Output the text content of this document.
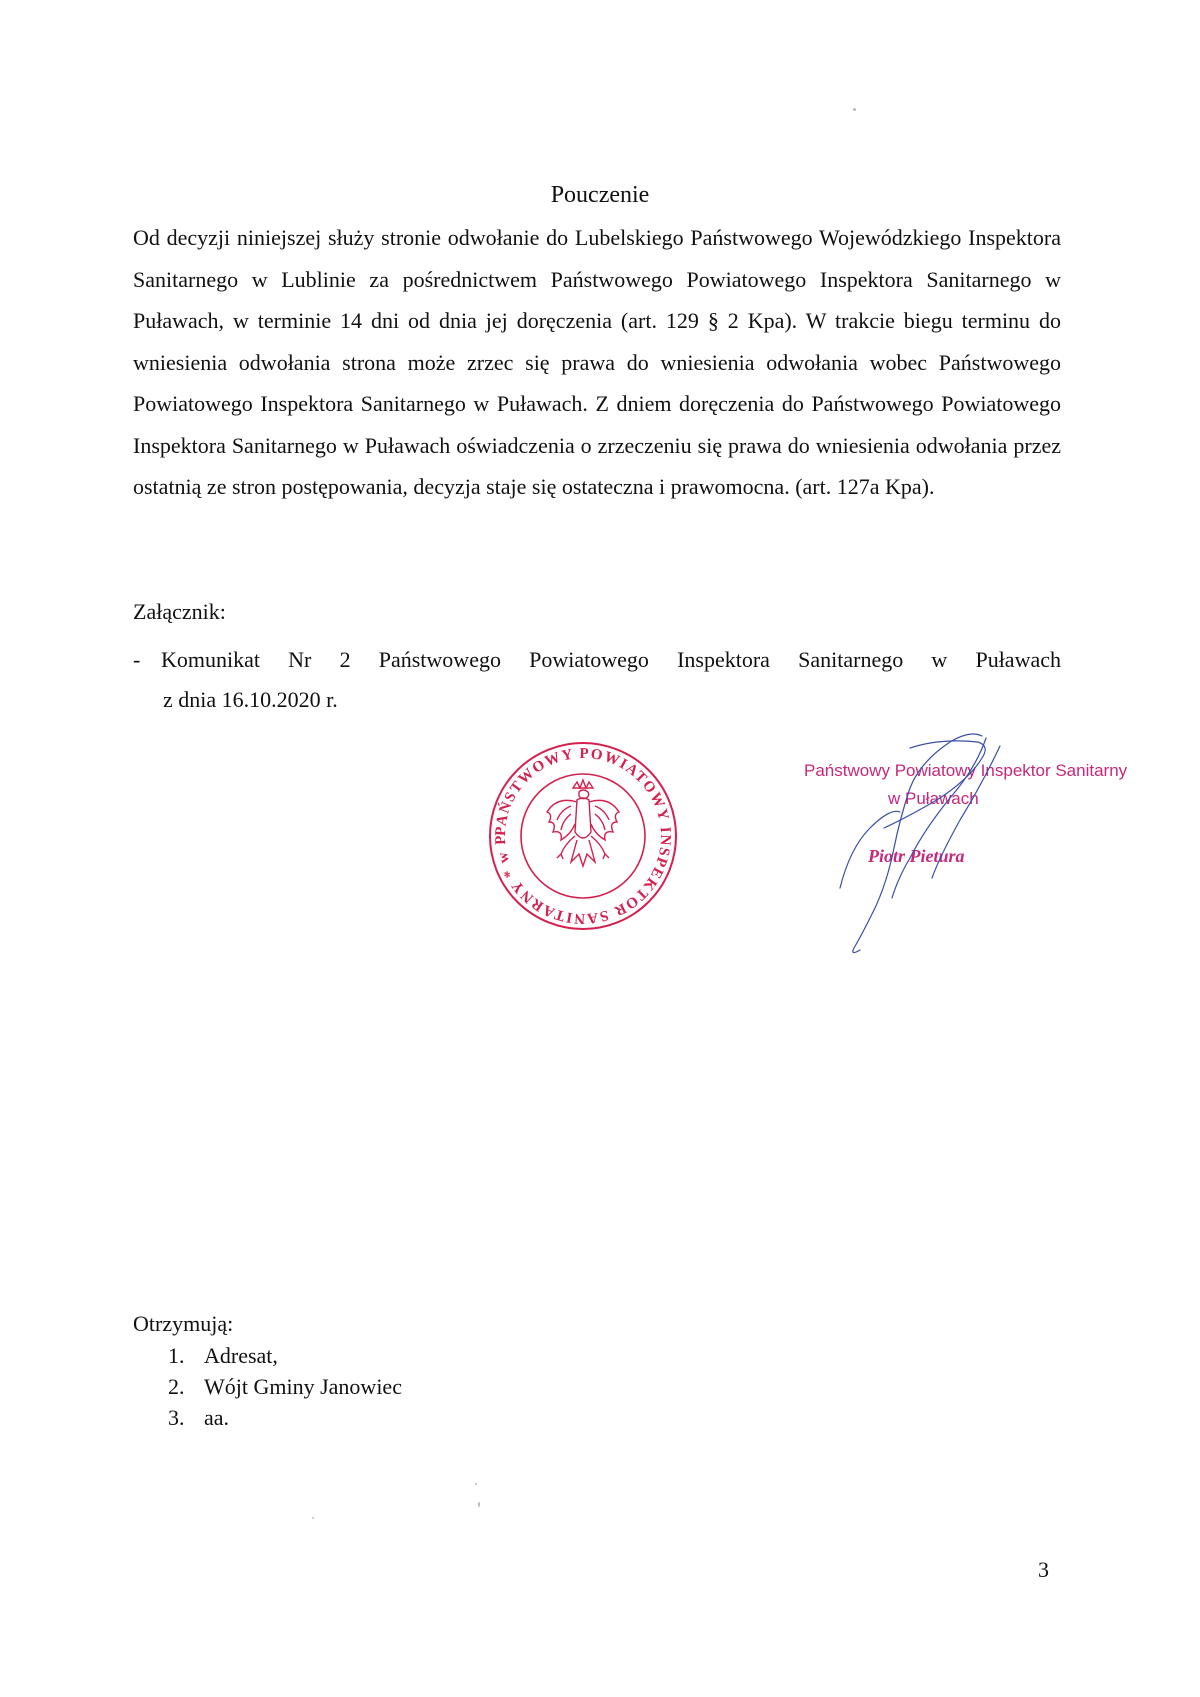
Pouczenie

Od decyzji niniejszej służy stronie odwołanie do Lubelskiego Państwowego Wojewódzkiego Inspektora Sanitarnego w Lublinie za pośrednictwem Państwowego Powiatowego Inspektora Sanitarnego w Puławach, w terminie 14 dni od dnia jej doręczenia (art. 129 § 2 Kpa). W trakcie biegu terminu do wniesienia odwołania strona może zrzec się prawa do wniesienia odwołania wobec Państwowego Powiatowego Inspektora Sanitarnego w Puławach. Z dniem doręczenia do Państwowego Powiatowego Inspektora Sanitarnego w Puławach oświadczenia o zrzeczeniu się prawa do wniesienia odwołania przez ostatnią ze stron postępowania, decyzja staje się ostateczna i prawomocna. (art. 127a Kpa).

Załącznik:
- Komunikat Nr 2 Państwowego Powiatowego Inspektora Sanitarnego w Puławach
z dnia 16.10.2020 r.
PAŃSTWOWY POWIATOWY INSPEKTOR SANITARNY * w P
Państwowy Powiatowy Inspektor Sanitarny
w Puławach
Piotr Pietura
Otrzymują:
1. Adresat,
2. Wójt Gminy Janowiec
3. aa.
3
